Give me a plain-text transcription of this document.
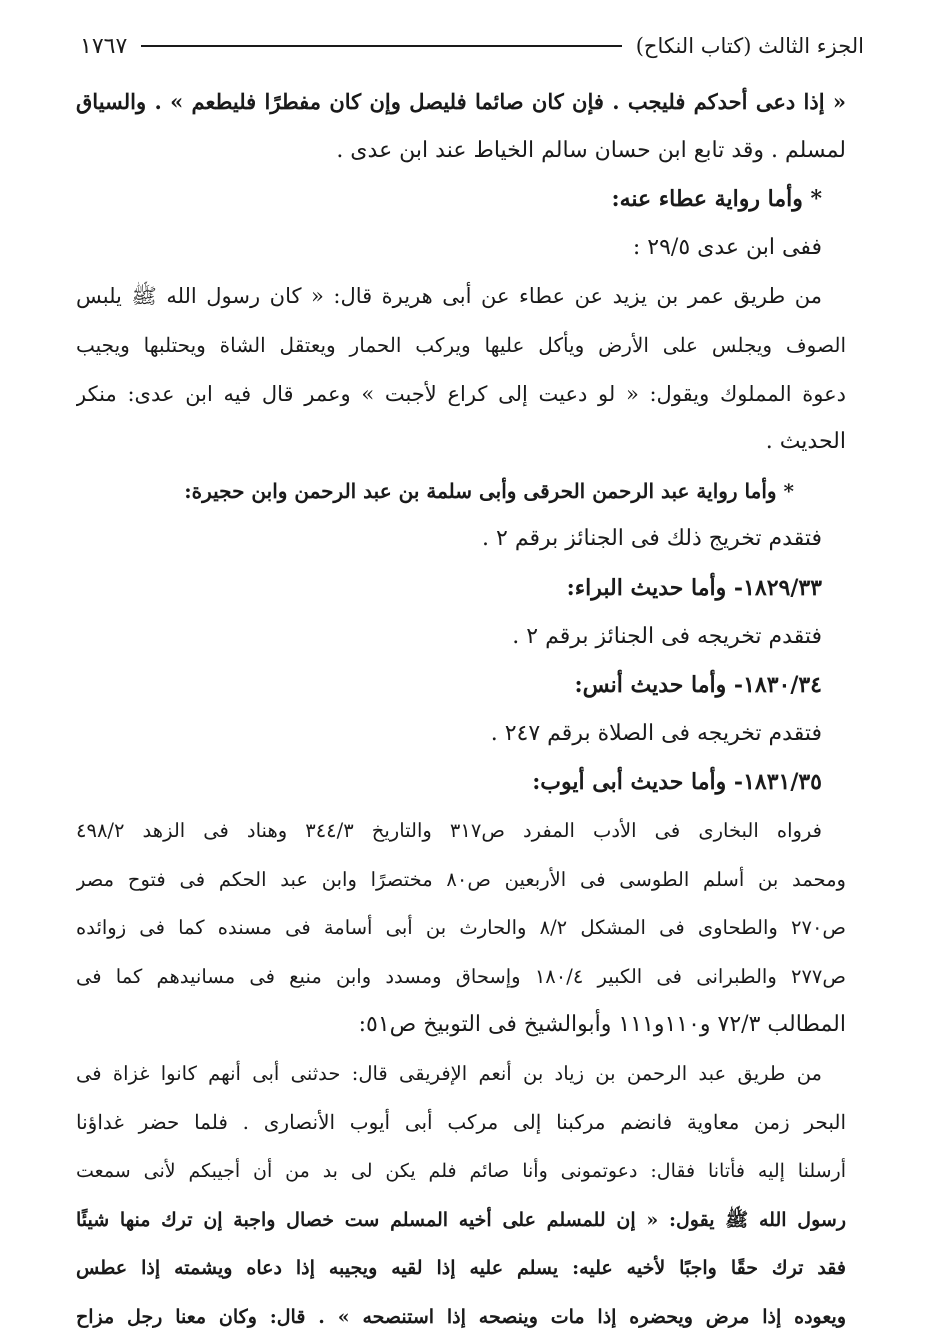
الجزء الثالث (كتاب النكاح)
١٧٦٧
« إذا دعى أحدكم فليجب . فإن كان صائما فليصل وإن كان مفطرًا فليطعم » . والسياق
لمسلم . وقد تابع ابن حسان سالم الخياط عند ابن عدى .
* وأما رواية عطاء عنه:
ففى ابن عدى ٢٩/٥ :
من طريق عمر بن يزيد عن عطاء عن أبى هريرة قال: « كان رسول الله ﷺ يلبس
الصوف ويجلس على الأرض ويأكل عليها ويركب الحمار ويعتقل الشاة ويحتلبها ويجيب
دعوة المملوك ويقول: « لو دعيت إلى كراع لأجبت » وعمر قال فيه ابن عدى: منكر
الحديث .
* وأما رواية عبد الرحمن الحرقى وأبى سلمة بن عبد الرحمن وابن حجيرة:
فتقدم تخريج ذلك فى الجنائز برقم ٢ .
١٨٢٩/٣٣- وأما حديث البراء:
فتقدم تخريجه فى الجنائز برقم ٢ .
١٨٣٠/٣٤- وأما حديث أنس:
فتقدم تخريجه فى الصلاة برقم ٢٤٧ .
١٨٣١/٣٥- وأما حديث أبى أيوب:
فرواه البخارى فى الأدب المفرد ص٣١٧ والتاريخ ٣٤٤/٣ وهناد فى الزهد ٤٩٨/٢
ومحمد بن أسلم الطوسى فى الأربعين ص٨٠ مختصرًا وابن عبد الحكم فى فتوح مصر
ص٢٧٠ والطحاوى فى المشكل ٨/٢ والحارث بن أبى أسامة فى مسنده كما فى زوائده
ص٢٧٧ والطبرانى فى الكبير ١٨٠/٤ وإسحاق ومسدد وابن منيع فى مسانيدهم كما فى
المطالب ٧٢/٣ و١١٠و١١١ وأبوالشيخ فى التوبيخ ص٥١:
من طريق عبد الرحمن بن زياد بن أنعم الإفريقى قال: حدثنى أبى أنهم كانوا غزاة فى
البحر زمن معاوية فانضم مركبنا إلى مركب أبى أيوب الأنصارى . فلما حضر غداؤنا
أرسلنا إليه فأتانا فقال: دعوتمونى وأنا صائم فلم يكن لى بد من أن أجيبكم لأنى سمعت
رسول الله ﷺ يقول: « إن للمسلم على أخيه المسلم ست خصال واجبة إن ترك منها شيئًا
فقد ترك حقًا واجبًا لأخيه عليه: يسلم عليه إذا لقيه ويجيبه إذا دعاه ويشمته إذا عطس
ويعوده إذا مرض ويحضره إذا مات وينصحه إذا استنصحه » . قال: وكان معنا رجل مزاح
